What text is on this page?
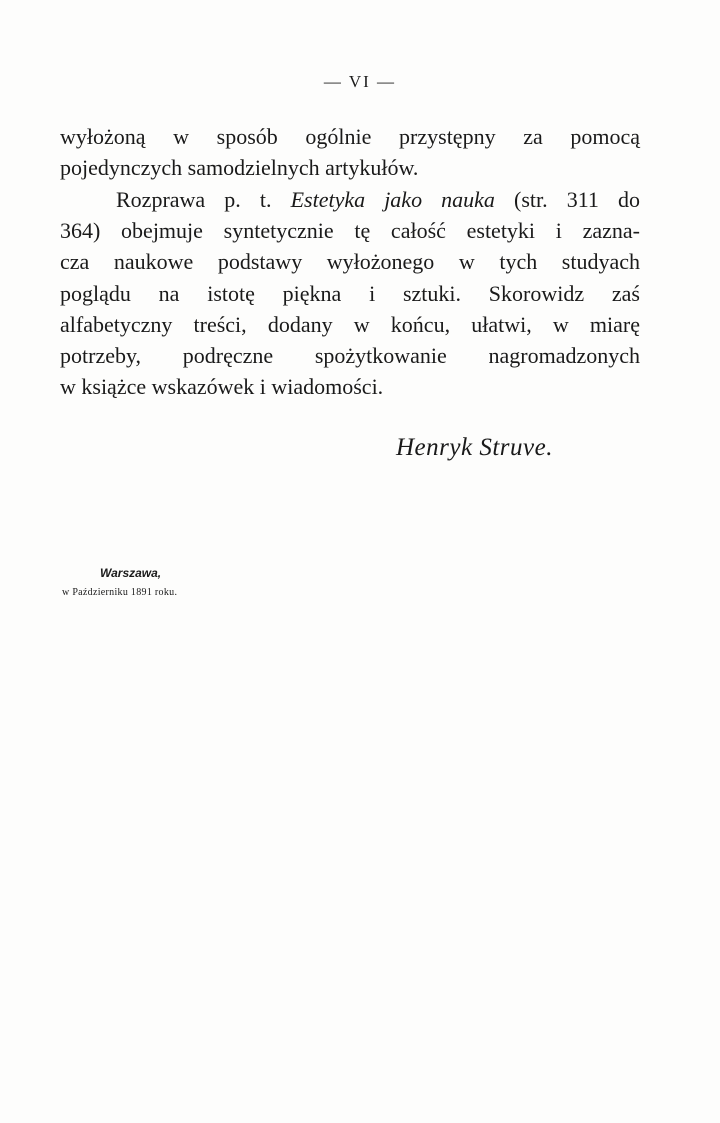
— VI —

wyłożoną w sposób ogólnie przystępny za pomocą
pojedynczych samodzielnych artykułów.

Rozprawa p. t. Estetyka jako nauka (str. 311 do
364) obejmuje syntetycznie tę całość estetyki i zazna-
cza naukowe podstawy wyłożonego w tych studyach
poglądu na istotę piękna i sztuki. Skorowidz zaś
alfabetyczny treści, dodany w końcu, ułatwi, w miarę
potrzeby, podręczne spożytkowanie nagromadzonych
w książce wskazówek i wiadomości.

Henryk Struve.
Warszawa,
w Październiku 1891 roku.
